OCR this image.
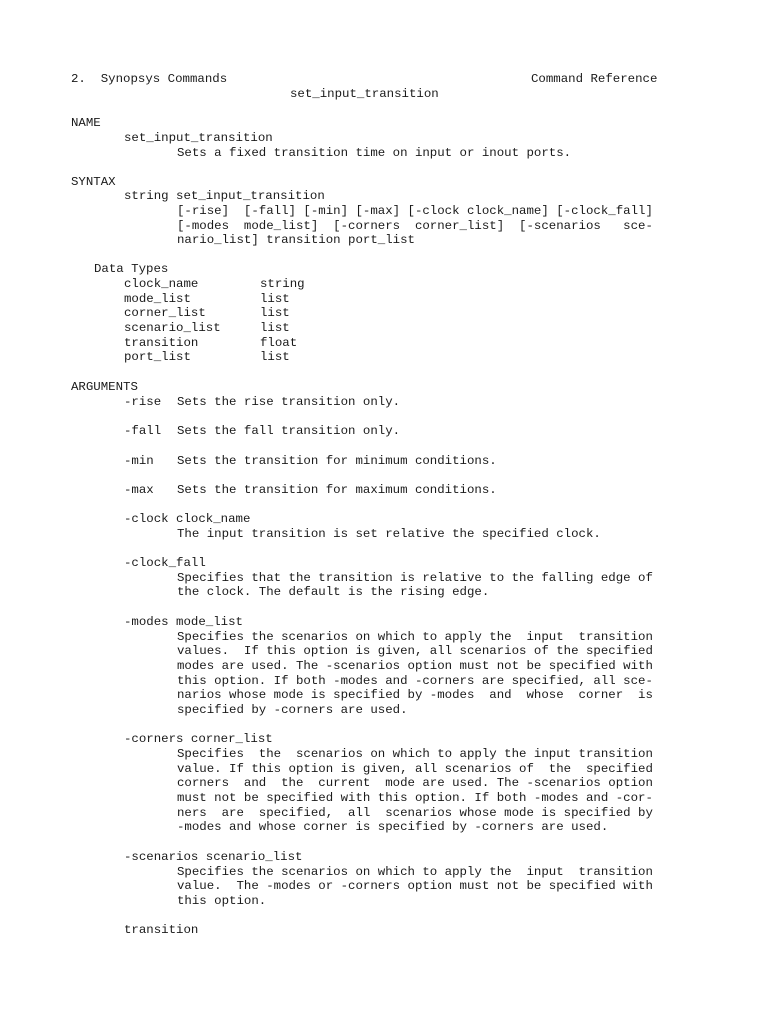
2.  Synopsys Commands	Command Reference
set_input_transition
NAME
set_input_transition
Sets a fixed transition time on input or inout ports.
SYNTAX
string set_input_transition
[-rise]  [-fall] [-min] [-max] [-clock clock_name] [-clock_fall]
[-modes  mode_list]  [-corners  corner_list]  [-scenarios   sce-
nario_list] transition port_list
Data Types
clock_name	string
mode_list	list
corner_list	list
scenario_list	list
transition	float
port_list	list
ARGUMENTS
-rise Sets the rise transition only.
-fall Sets the fall transition only.
-min Sets the transition for minimum conditions.
-max Sets the transition for maximum conditions.
-clock clock_name
The input transition is set relative the specified clock.
-clock_fall
Specifies that the transition is relative to the falling edge of
the clock. The default is the rising edge.
-modes mode_list
Specifies the scenarios on which to apply the  input  transition
values.  If this option is given, all scenarios of the specified
modes are used. The -scenarios option must not be specified with
this option. If both -modes and -corners are specified, all sce-
narios whose mode is specified by -modes  and  whose  corner  is
specified by -corners are used.
-corners corner_list
Specifies  the  scenarios on which to apply the input transition
value. If this option is given, all scenarios of  the  specified
corners  and  the  current  mode are used. The -scenarios option
must not be specified with this option. If both -modes and -cor-
ners  are  specified,  all  scenarios whose mode is specified by
-modes and whose corner is specified by -corners are used.
-scenarios scenario_list
Specifies the scenarios on which to apply the  input  transition
value.  The -modes or -corners option must not be specified with
this option.
transition
